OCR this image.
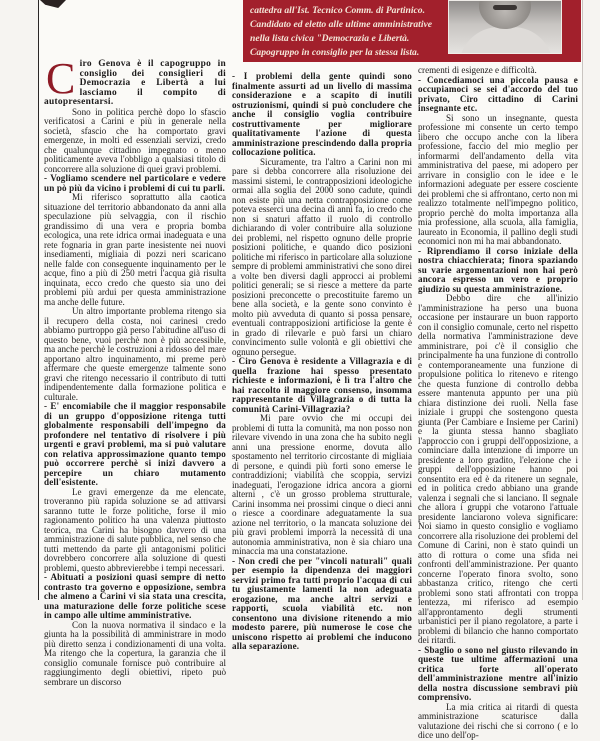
cattedra all'Ist. Tecnico Comm. di Partinico.
Candidato ed eletto alle ultime amministrative
nella lista civica "Democrazia e Libertà.
Capogruppo in consiglio per la stessa lista.

Ciro Genova è il capogruppo in consiglio dei consiglieri di Democrazia e Libertà a lui lasciamo il compito di autopresentarsi.

Sono in politica perchè dopo lo sfascio verificatosi a Carini e più in generale nella società, sfascio che ha comportato gravi emergenze, in molti ed essenziali servizi, credo che qualunque cittadino impegnato o meno politicamente aveva l'obbligo a qualsiasi titolo di concorrere alla soluzione di quei gravi problemi.

- Vogliamo scendere nel particolare e vedere un pò più da vicino i problemi di cui tu parli.

Mi riferisco soprattutto alla caotica situazione del territorio abbandonato da anni alla speculazione più selvaggia, con il rischio grandissimo di una vera e propria bomba ecologica, una rete idrica ormai inadeguata e una rete fognaria in gran parte inesistente nei nuovi insediamenti, migliaia di pozzi neri scaricano nelle falde con conseguente inquinamento per le acque, fino a più di 250 metri l'acqua già risulta inquinata, ecco credo che questo sia uno dei problemi più ardui per questa amministrazione ma anche delle future.

Un altro importante problema ritengo sia il recupero della costa, noi carinesi credo abbiamo purtroppo già perso l'abitudine all'uso di questo bene, vuoi perchè non è più accessibile, ma anche perchè le costruzioni a ridosso del mare apportano altro inquinamento, mi preme però affermare che queste emergenze talmente sono gravi che ritengo necessario il contributo di tutti indipendentemente dalla formazione politica e culturale.

- E' encomiabile che il maggior responsabile di un gruppo d'opposizione ritenga tutti globalmente responsabili dell'impegno da profondere nel tentativo di risolvere i più urgenti e gravi problemi, ma si può valutare con relativa approssimazione quanto tempo può occorrere perchè si inizi davvero a percepire un chiaro mutamento dell'esistente.

Le gravi emergenze da me elencate, troveranno più rapida soluzione se ad attivarsi saranno tutte le forze politiche, forse il mio ragionamento politico ha una valenza piuttosto teorica, ma Carini ha bisogno davvero di una amministrazione di salute pubblica, nel senso che tutti mettendo da parte gli antagonismi politici dovrebbero concorrere alla soluzione di questi problemi, questo abbrevierebbe i tempi necessari.

- Abituati a posizioni quasi sempre di netto contrasto tra governo e opposizione, sembra che almeno a Carini vi sia stata una crescita, una maturazione delle forze politiche scese in campo alle ultime amministrative.

Con la nuova normativa il sindaco e la giunta ha la possibilità di amministrare in modo più diretto senza i condizionamenti di una volta. Ma ritengo che la copertura, la garanzia che il consiglio comunale fornisce può contribuire al raggiungimento degli obiettivi, ripeto può sembrare un discorso

- I problemi della gente quindi sono finalmente assurti ad un livello di massima considerazione e a scapito di inutili ostruzionismi, quindi si può concludere che anche il consiglio voglia contribuire costruttivamente per migliorare qualitativamente l'azione di questa amministrazione prescindendo dalla propria collocazione politica.

Sicuramente, tra l'altro a Carini non mi pare si debba concorrere alla risoluzione dei massimi sistemi, le contrapposizioni ideologiche ormai alla soglia del 2000 sono cadute, quindi non esiste più una netta contrapposizione come poteva esserci una decina di anni fa, io credo che non si snaturi affatto il ruolo di controllo dichiarando di voler contribuire alla soluzione dei problemi, nel rispetto ognuno delle proprie posizioni politiche, e quando dico posizioni politiche mi riferisco in particolare alla soluzione sempre di problemi amministrativi che sono direi a volte ben diversi dagli approcci ai problemi politici generali; se si riesce a mettere da parte posizioni preconcette o precostituite faremo un bene alla società, e la gente sono convinto è molto più avveduta di quanto si possa pensare, eventuali contrapposizioni artificiose la gente è in grado di rilevarle e può farsi un chiaro convincimento sulle volontà e gli obiettivi che ognuno persegue.

- Ciro Genova è residente a Villagrazia e di quella frazione hai spesso presentato richieste e informazioni, è lì tra l'altro che hai raccolto il maggiore consenso, insomma rappresentante di Villagrazia o di tutta la comunità Carini-Villagrazia?

Mi pare ovvio che mi occupi dei problemi di tutta la comunità, ma non posso non rilevare vivendo in una zona che ha subito negli anni una pressione enorme, dovuta allo spostamento nel territorio circostante di migliaia di persone, e quindi più forti sono emerse le contraddizioni; viabilità che scoppia, servizi inadeguati, l'erogazione idrica ancora a giorni alterni , c'è un grosso problema strutturale, Carini insomma nei prossimi cinque o dieci anni o riesce a coordinare adeguatamente la sua azione nel territorio, o la mancata soluzione dei più gravi problemi imporrà la necessità di una autonomia amministrativa, non è sia chiaro una minaccia ma una constatazione.

- Non credi che per "vincoli naturali" quali per esempio la dipendenza dei maggiori servizi primo fra tutti proprio l'acqua di cui tu giustamente lamenti la non adeguata erogazione, ma anche altri servizi e rapporti, scuola viabilità etc. non consentono una divisione ritenendo a mio modesto parere, più numerose le cose che uniscono rispetto ai problemi che inducono alla separazione.

crementi di esigenze e difficoltà.

- Concediamoci una piccola pausa e occupiamoci se sei d'accordo del tuo privato, Ciro cittadino di Carini insegnante etc.

Si sono un insegnante, questa professione mi consente un certo tempo libero che occupo anche con la libera professione, faccio del mio meglio per informarmi dell'andamento della vita amministrativa del paese, mi adopero per arrivare in consiglio con le idee e le informazioni adeguate per essere cosciente dei problemi che si affrontano, certo non mi realizzo totalmente nell'impegno politico, proprio perchè do molta importanza alla mia professione, alla scuola, alla famiglia, laureato in Economia, il pallino degli studi economici non mi ha mai abbandonato.

- Riprendiamo il corso iniziale della nostra chiacchierata; finora spaziando su varie argomentazioni non hai però ancora espresso un vero e proprio giudizio su questa amministrazione.

Debbo dire che all'inizio l'amministrazione ha perso una buona occasione per instaurare un buon rapporto con il consiglio comunale, certo nel rispetto della normativa l'amministrazione deve amministrare, poi c'è il consiglio che principalmente ha una funzione di controllo e contemporaneamente una funzione di propulsione politica lo ritenevo e ritengo che questa funzione di controllo debba essere mantenuta appunto per una più chiara distinzione dei ruoli. Nella fase iniziale i gruppi che sostengono questa giunta (Per Cambiare e Insieme per Carini) e la giunta stessa hanno sbagliato l'approccio con i gruppi dell'opposizione, a cominciare dalla intenzione di imporre un presidente a loro gradito, l'elezione che i gruppi dell'opposizione hanno poi consentito era ed è da ritenere un segnale, ed in politica credo abbiano una grande valenza i segnali che si lanciano. Il segnale che allora i gruppi che votarono l'attuale presidente lanciarono voleva significare: Noi siamo in questo consiglio e vogliamo concorrere alla risoluzione dei problemi del Comune di Carini, non è stato quindi un atto di rottura o come una sfida nei confronti dell'amministrazione. Per quanto concerne l'operato finora svolto, sono abbastanza critico, ritengo che certi problemi sono stati affrontati con troppa lentezza, mi riferisco ad esempio all'approntamento degli strumenti urbanistici per il piano regolatore, a parte i problemi di bilancio che hanno comportato dei ritardi.

- Sbaglio o sono nel giusto rilevando in queste tue ultime affermazioni una critica forte all'operato dell'amministrazione mentre all'inizio della nostra discussione sembravi più comprensivo.

La mia critica ai ritardi di questa amministrazione scaturisce dalla valutazione dei rischi che si corrono ( e lo dice uno dell'op-
